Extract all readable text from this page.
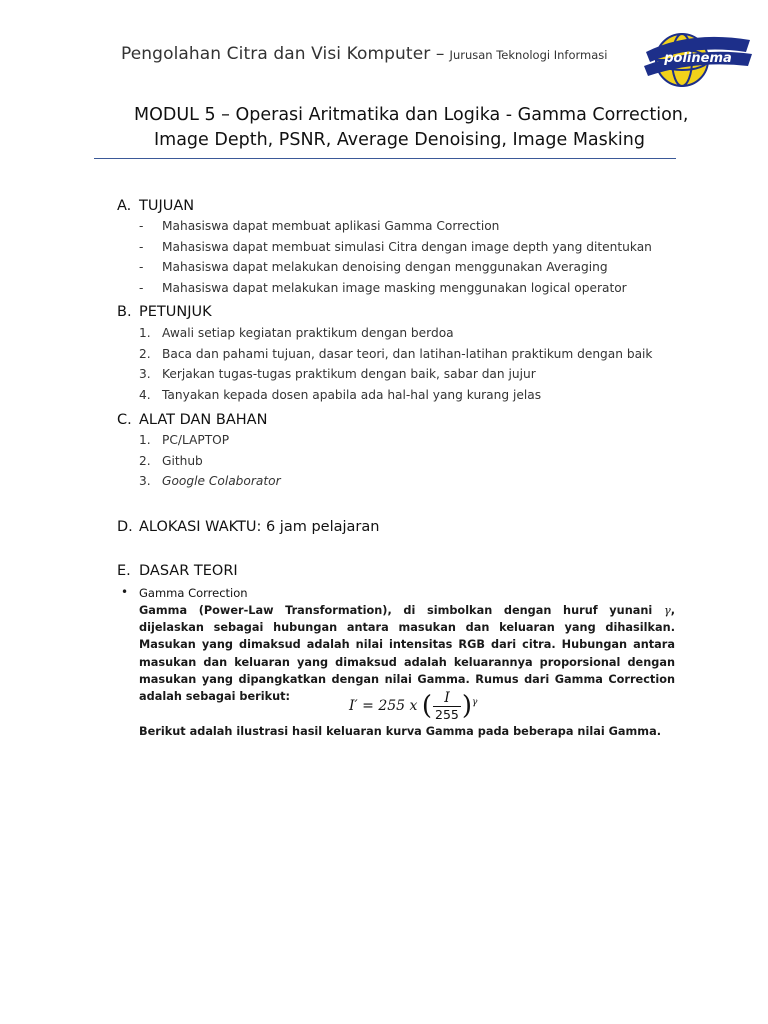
Pengolahan Citra dan Visi Komputer – Jurusan Teknologi Informasi	polinema
MODUL 5 – Operasi Aritmatika dan Logika - Gamma Correction,
Image Depth, PSNR, Average Denoising, Image Masking
A. TUJUAN
- Mahasiswa dapat membuat aplikasi Gamma Correction
- Mahasiswa dapat membuat simulasi Citra dengan image depth yang ditentukan
- Mahasiswa dapat melakukan denoising dengan menggunakan Averaging
- Mahasiswa dapat melakukan image masking menggunakan logical operator
B. PETUNJUK
1. Awali setiap kegiatan praktikum dengan berdoa
2. Baca dan pahami tujuan, dasar teori, dan latihan-latihan praktikum dengan baik
3. Kerjakan tugas-tugas praktikum dengan baik, sabar dan jujur
4. Tanyakan kepada dosen apabila ada hal-hal yang kurang jelas
C. ALAT DAN BAHAN
1. PC/LAPTOP
2. Github
3. Google Colaborator
D. ALOKASI WAKTU: 6 jam pelajaran
E. DASAR TEORI
• Gamma Correction
Gamma (Power-Law Transformation), di simbolkan dengan huruf yunani γ, dijelaskan sebagai hubungan antara masukan dan keluaran yang dihasilkan. Masukan yang dimaksud adalah nilai intensitas RGB dari citra. Hubungan antara masukan dan keluaran yang dimaksud adalah keluarannya proporsional dengan masukan yang dipangkatkan dengan nilai Gamma. Rumus dari Gamma Correction adalah sebagai berikut:
I′ = 255 x ( $\frac{I}{255} )^\gamma$
Berikut adalah ilustrasi hasil keluaran kurva Gamma pada beberapa nilai Gamma.
